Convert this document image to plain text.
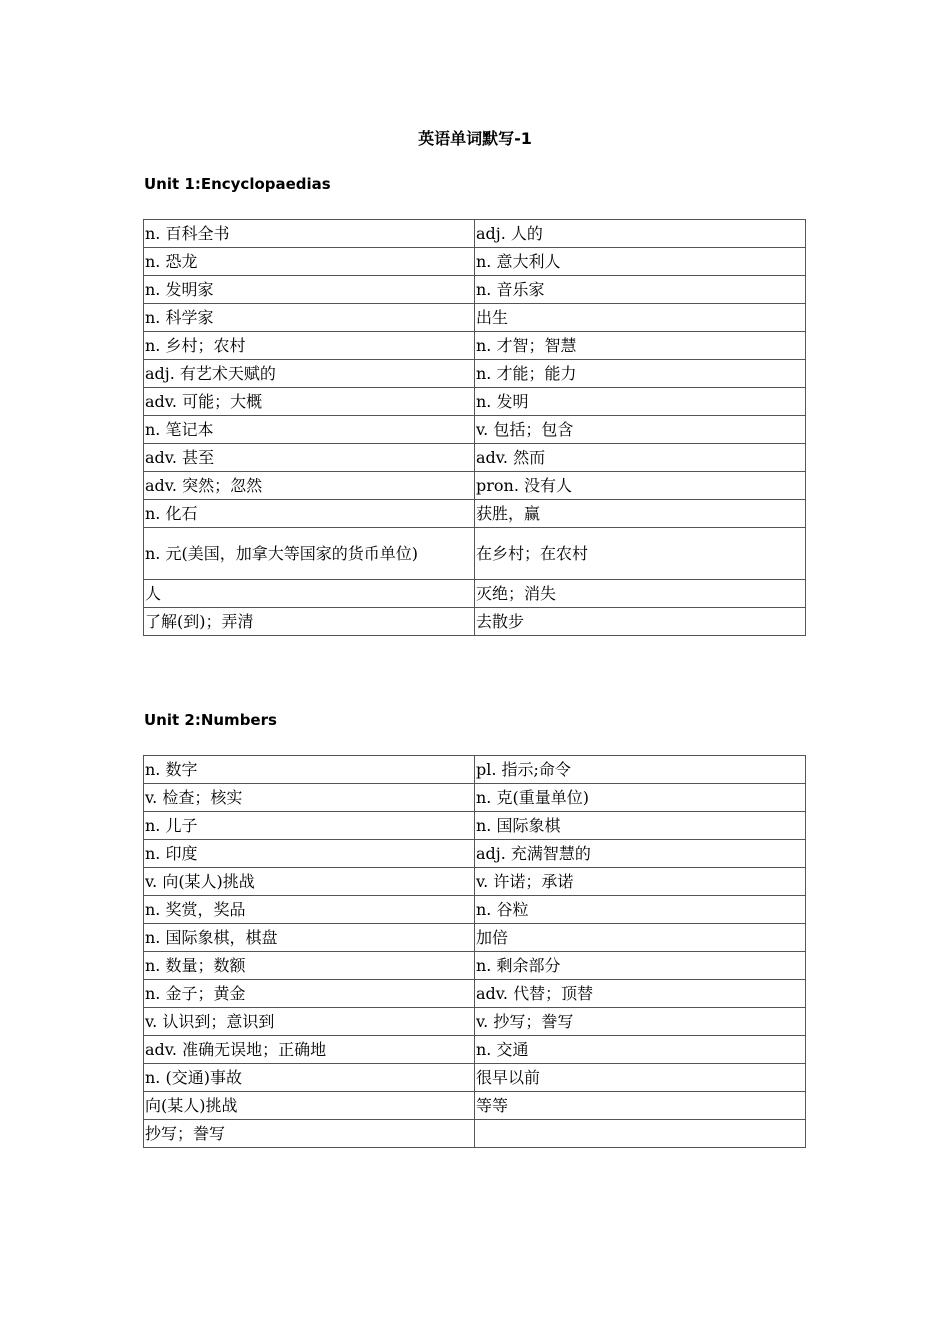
英语单词默写-1
Unit 1:Encyclopaedias
n. 百科全书	adj. 人的
n. 恐龙	n. 意大利人
n. 发明家	n. 音乐家
n. 科学家	出生
n. 乡村；农村	n. 才智；智慧
adj. 有艺术天赋的	n. 才能；能力
adv. 可能；大概	n. 发明
n. 笔记本	v. 包括；包含
adv. 甚至	adv. 然而
adv. 突然；忽然	pron. 没有人
n. 化石	获胜，赢
n. 元(美国，加拿大等国家的货币单位)	在乡村；在农村
人	灭绝；消失
了解(到)；弄清	去散步
Unit 2:Numbers
n. 数字	pl. 指示;命令
v. 检查；核实	n. 克(重量单位)
n. 儿子	n. 国际象棋
n. 印度	adj. 充满智慧的
v. 向(某人)挑战	v. 许诺；承诺
n. 奖赏，奖品	n. 谷粒
n. 国际象棋，棋盘	加倍
n. 数量；数额	n. 剩余部分
n. 金子；黄金	adv. 代替；顶替
v. 认识到；意识到	v. 抄写；誊写
adv. 准确无误地；正确地	n. 交通
n. (交通)事故	很早以前
向(某人)挑战	等等
抄写；誊写	
